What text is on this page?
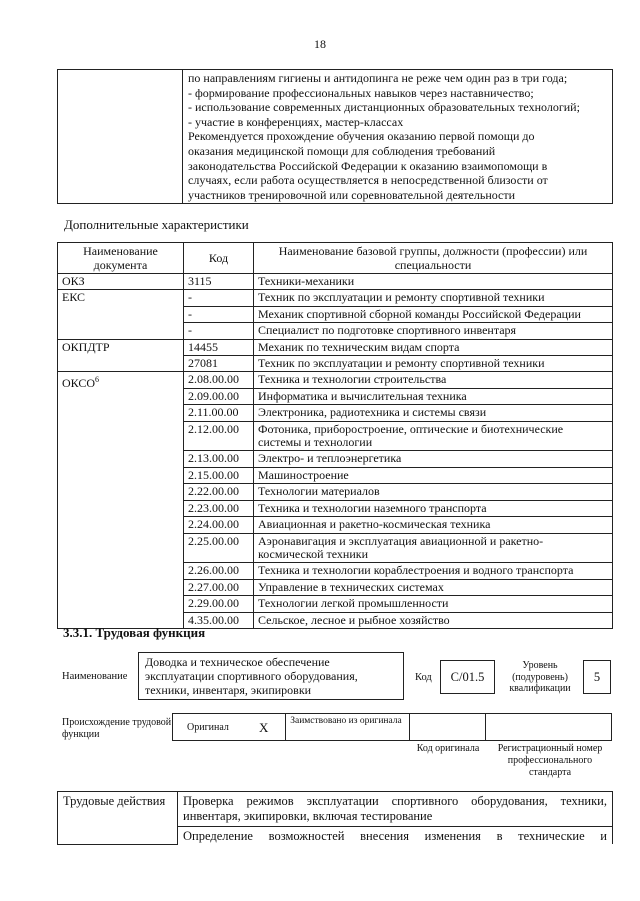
18

по направлениям гигиены и антидопинга не реже чем один раз в три года;
- формирование профессиональных навыков через наставничество;
- использование современных дистанционных образовательных технологий;
- участие в конференциях, мастер-классах
Рекомендуется прохождение обучения оказанию первой помощи до
оказания медицинской помощи для соблюдения требований
законодательства Российской Федерации к оказанию взаимопомощи в
случаях, если работа осуществляется в непосредственной близости от
участников тренировочной или соревновательной деятельности
Дополнительные характеристики
Наименование документа	Код	Наименование базовой группы, должности (профессии) или специальности
ОКЗ	3115	Техники-механики
ЕКС	-	Техник по эксплуатации и ремонту спортивной техники
	-	Механик спортивной сборной команды Российской Федерации
	-	Специалист по подготовке спортивного инвентаря
ОКПДТР	14455	Механик по техническим видам спорта
	27081	Техник по эксплуатации и ремонту спортивной техники
ОКСО$^6$	2.08.00.00	Техника и технологии строительства
	2.09.00.00	Информатика и вычислительная техника
	2.11.00.00	Электроника, радиотехника и системы связи
	2.12.00.00	Фотоника, приборостроение, оптические и биотехнические системы и технологии
	2.13.00.00	Электро- и теплоэнергетика
	2.15.00.00	Машиностроение
	2.22.00.00	Технологии материалов
	2.23.00.00	Техника и технологии наземного транспорта
	2.24.00.00	Авиационная и ракетно-космическая техника
	2.25.00.00	Аэронавигация и эксплуатация авиационной и ракетно-космической техники
	2.26.00.00	Техника и технологии кораблестроения и водного транспорта
	2.27.00.00	Управление в технических системах
	2.29.00.00	Технологии легкой промышленности
	4.35.00.00	Сельское, лесное и рыбное хозяйство
3.3.1. Трудовая функция
Наименование
Доводка и техническое обеспечение эксплуатации спортивного оборудования, техники, инвентаря, экипировки
Код	С/01.5
Уровень (подуровень) квалификации
5
Происхождение трудовой функции
Оригинал X Заимствовано из оригинала
Код оригинала	Регистрационный номер профессионального стандарта
Трудовые действия	Проверка режимов эксплуатации спортивного оборудования, техники, инвентаря, экипировки, включая тестирование
Определение возможностей внесения изменения в технические и
